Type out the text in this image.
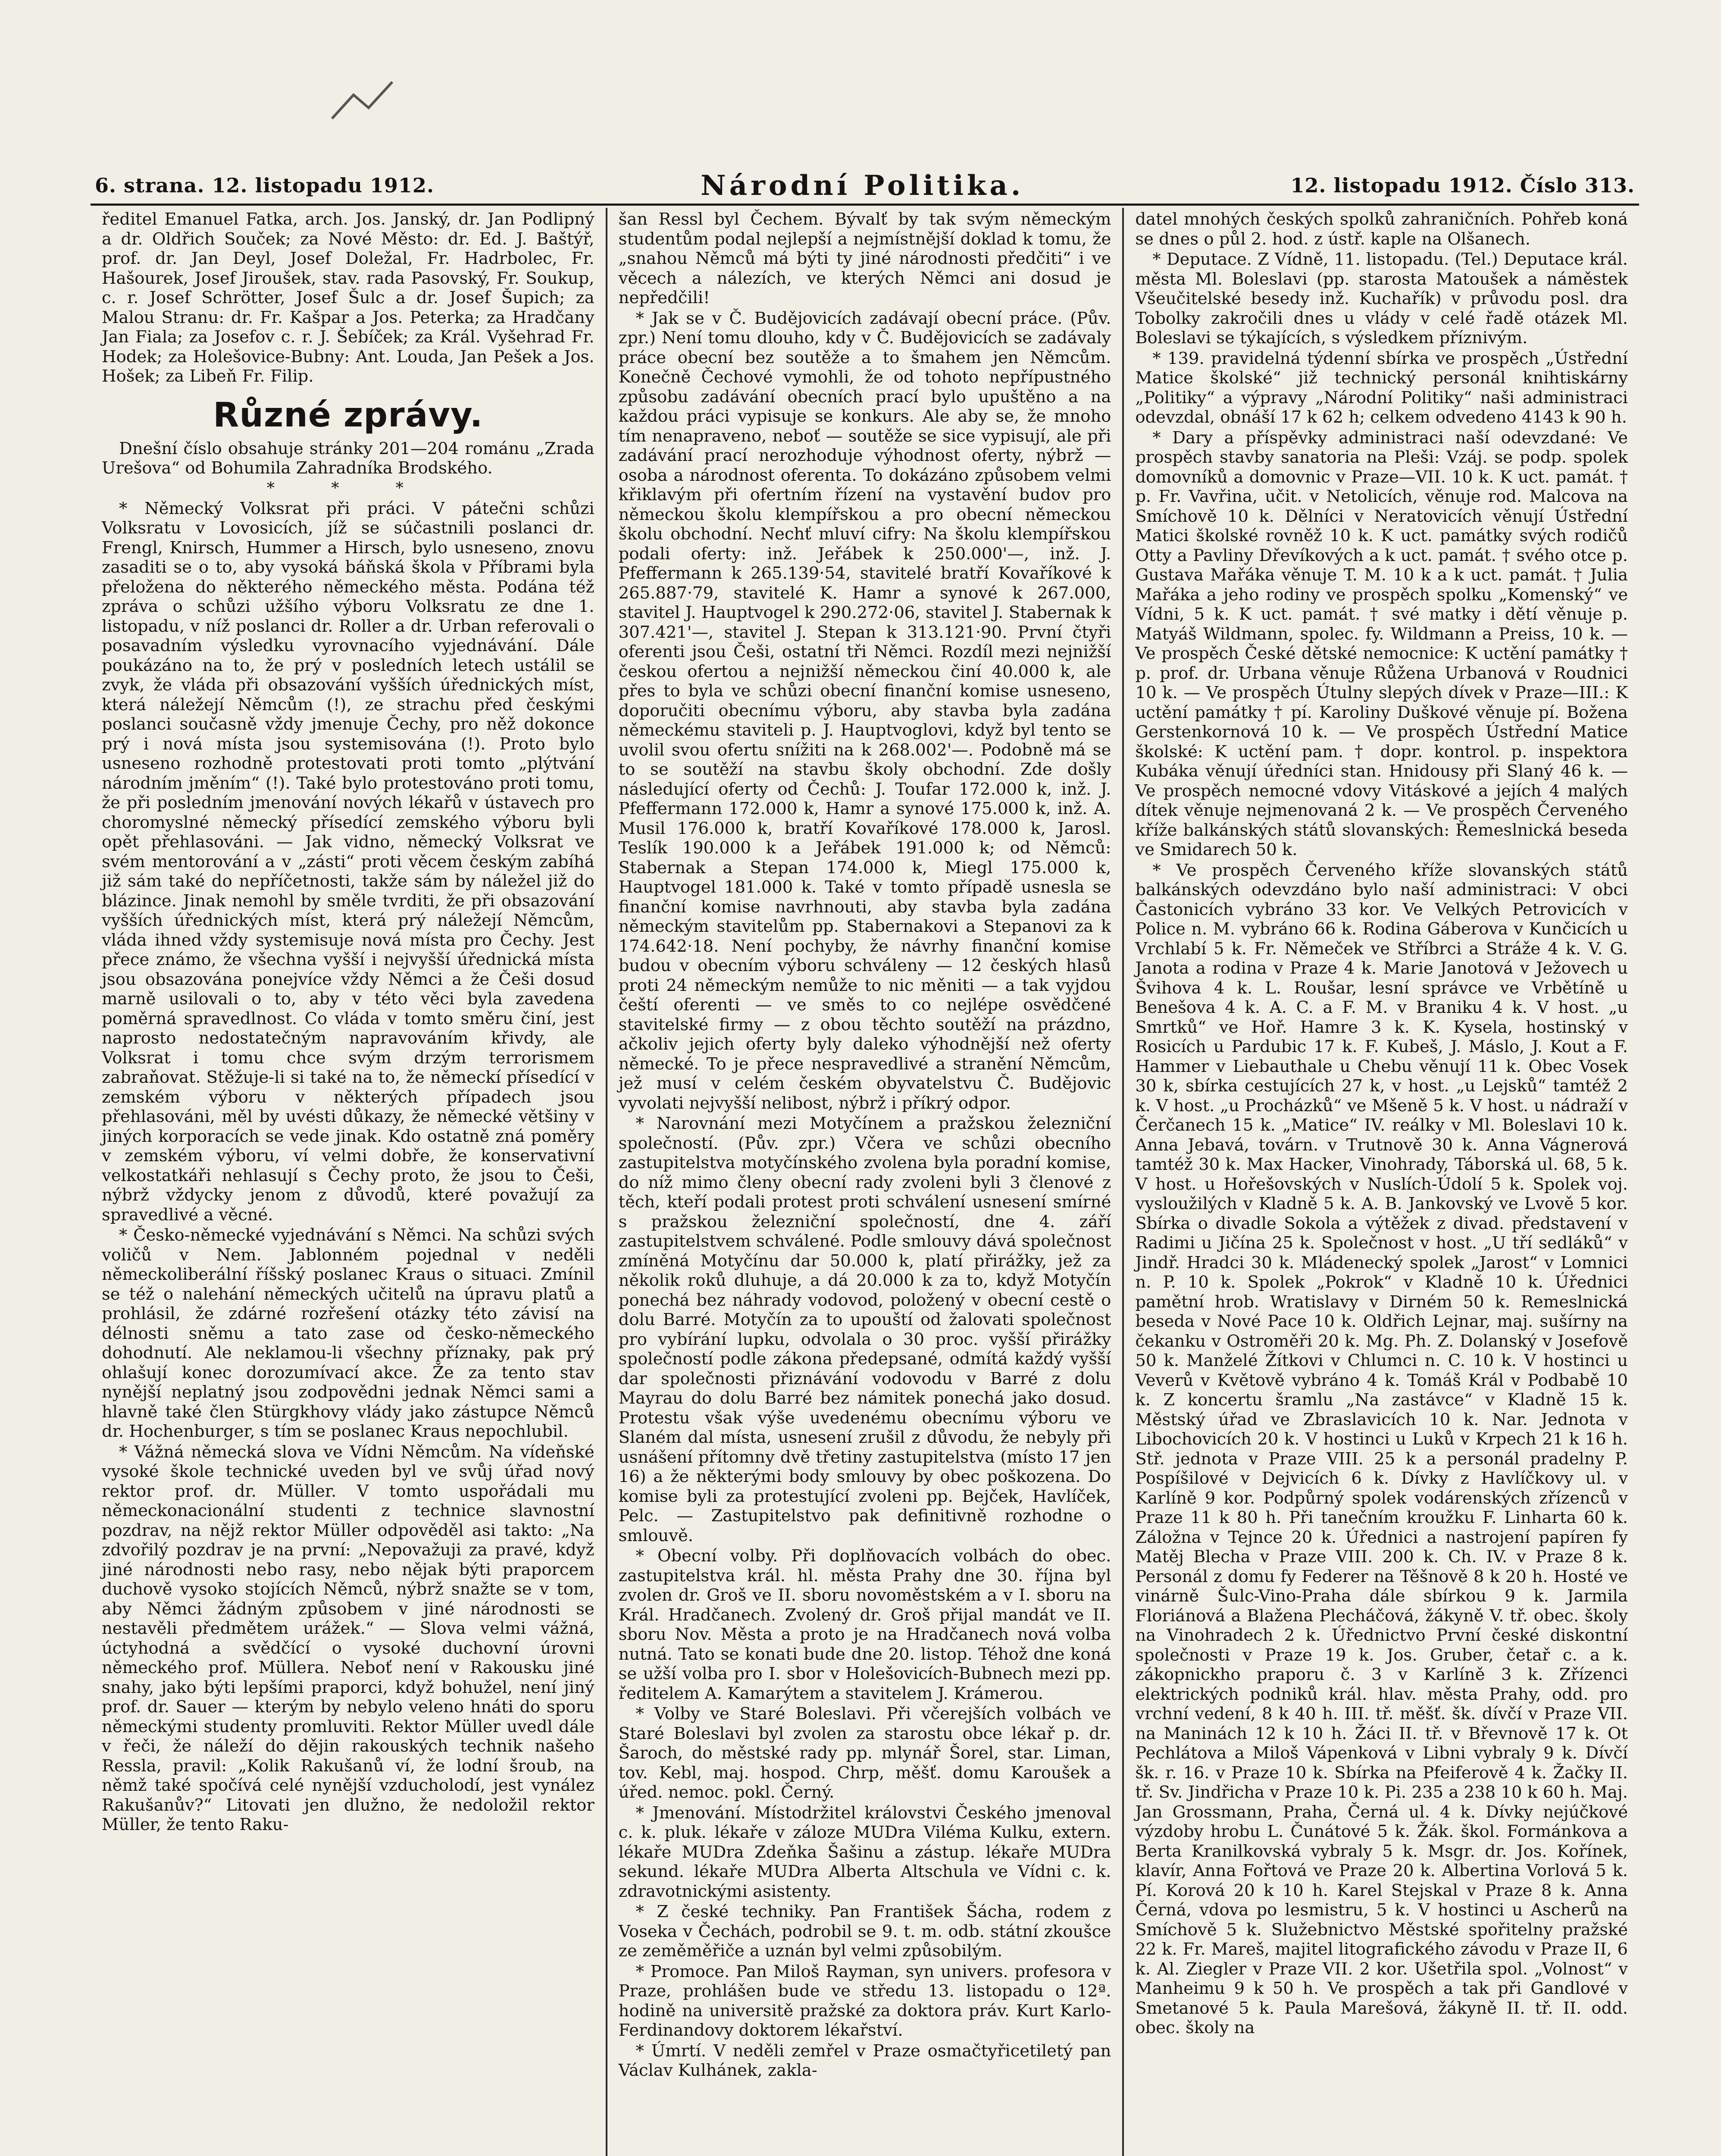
6. strana. 12. listopadu 1912.	Národní Politika.	12. listopadu 1912. Číslo 313.

ředitel Emanuel Fatka, arch. Jos. Janský, dr. Jan Podlipný a dr. Oldřich Souček; za Nové Město: dr. Ed. J. Baštýř, prof. dr. Jan Deyl, Josef Doležal, Fr. Hadrbolec, Fr. Hašourek, Josef Jiroušek, stav. rada Pasovský, Fr. Soukup, c. r. Josef Schrötter, Josef Šulc a dr. Josef Šupich; za Malou Stranu: dr. Fr. Kašpar a Jos. Peterka; za Hradčany Jan Fiala; za Josefov c. r. J. Šebíček; za Král. Vyšehrad Fr. Hodek; za Holešovice-Bubny: Ant. Louda, Jan Pešek a Jos. Hošek; za Libeň Fr. Filip.

Různé zprávy.

Dnešní číslo obsahuje stránky 201—204 románu „Zrada Urešova“ od Bohumila Zahradníka Brodského.

* * *

* Německý Volksrat při práci. V pátečni schůzi Volksratu v Lovosicích, jíž se súčastnili poslanci dr. Frengl, Knirsch, Hummer a Hirsch, bylo usneseno, znovu zasaditi se o to, aby vysoká báňská škola v Příbrami byla přeložena do některého německého města. Podána též zpráva o schůzi užšího výboru Volksratu ze dne 1. listopadu, v níž poslanci dr. Roller a dr. Urban referovali o posavadním výsledku vyrovnacího vyjednávání. Dále poukázáno na to, že prý v posledních letech ustálil se zvyk, že vláda při obsazování vyšších úřednických míst, která náležejí Němcům (!), ze strachu před českými poslanci současně vždy jmenuje Čechy, pro něž dokonce prý i nová místa jsou systemisována (!). Proto bylo usneseno rozhodně protestovati proti tomto „plýtvání národním jměním“ (!). Také bylo protestováno proti tomu, že při posledním jmenování nových lékařů v ústavech pro choromyslné německý přísedící zemského výboru byli opět přehlasováni. — Jak vidno, německý Volksrat ve svém mentorování a v „zásti“ proti věcem českým zabíhá již sám také do nepříčetnosti, takže sám by náležel již do blázince. Jinak nemohl by směle tvrditi, že při obsazování vyšších úřednických míst, která prý náležejí Němcům, vláda ihned vždy systemisuje nová místa pro Čechy. Jest přece známo, že všechna vyšší i nejvyšší úřednická místa jsou obsazována ponejvíce vždy Němci a že Češi dosud marně usilovali o to, aby v této věci byla zavedena poměrná spravedlnost. Co vláda v tomto směru činí, jest naprosto nedostatečným napravováním křivdy, ale Volksrat i tomu chce svým drzým terrorismem zabraňovat. Stěžuje-li si také na to, že německí přísedící v zemském výboru v některých případech jsou přehlasováni, měl by uvésti důkazy, že německé většiny v jiných korporacích se vede jinak. Kdo ostatně zná poměry v zemském výboru, ví velmi dobře, že konservativní velkostatkáři nehlasují s Čechy proto, že jsou to Češi, nýbrž vždycky jenom z důvodů, které považují za spravedlivé a věcné.

* Česko-německé vyjednávání s Němci. Na schůzi svých voličů v Nem. Jablonném pojednal v neděli německoliberální říšský poslanec Kraus o situaci. Zmínil se též o nalehání německých učitelů na úpravu platů a prohlásil, že zdárné rozřešení otázky této závisí na délnosti sněmu a tato zase od česko-německého dohodnutí. Ale neklamou-li všechny příznaky, pak prý ohlašují konec dorozumívací akce. Že za tento stav nynější neplatný jsou zodpovědni jednak Němci sami a hlavně také člen Stürgkhovy vlády jako zástupce Němců dr. Hochenburger, s tím se poslanec Kraus nepochlubil.

* Vážná německá slova ve Vídni Němcům. Na vídeňské vysoké škole technické uveden byl ve svůj úřad nový rektor prof. dr. Müller. V tomto uspořádali mu německonacionální studenti z technice slavnostní pozdrav, na nějž rektor Müller odpověděl asi takto: „Na zdvořilý pozdrav je na první: „Nepovažuji za pravé, když jiné národnosti nebo rasy, nebo nějak býti praporcem duchově vysoko stojících Němců, nýbrž snažte se v tom, aby Němci žádným způsobem v jiné národnosti se nestavěli předmětem urážek.“ — Slova velmi vážná, úctyhodná a svědčící o vysoké duchovní úrovni německého prof. Müllera. Neboť není v Rakousku jiné snahy, jako býti lepšími praporci, když bohužel, není jiný prof. dr. Sauer — kterým by nebylo veleno hnáti do sporu německými studenty promluviti. Rektor Müller uvedl dále v řeči, že náleží do dějin rakouských technik našeho Ressla, pravil: „Kolik Rakušanů ví, že lodní šroub, na němž také spočívá celé nynější vzducholodí, jest vynález Rakušanův?“ Litovati jen dlužno, že nedoložil rektor Müller, že tento Raku-

šan Ressl byl Čechem. Bývalť by tak svým německým studentům podal nejlepší a nejmístnější doklad k tomu, že „snahou Němců má býti ty jiné národnosti předčiti“ i ve věcech a nálezích, ve kterých Němci ani dosud je nepředčili!

* Jak se v Č. Budějovicích zadávají obecní práce. (Pův. zpr.) Není tomu dlouho, kdy v Č. Budějovicích se zadávaly práce obecní bez soutěže a to šmahem jen Němcům. Konečně Čechové vymohli, že od tohoto nepřípustného způsobu zadávání obecních prací bylo upuštěno a na každou práci vypisuje se konkurs. Ale aby se, že mnoho tím nenapraveno, neboť — soutěže se sice vypisují, ale při zadávání prací nerozhoduje výhodnost oferty, nýbrž — osoba a národnost oferenta. To dokázáno způsobem velmi křiklavým při ofertním řízení na vystavění budov pro německou školu klempířskou a pro obecní německou školu obchodní. Nechť mluví cifry: Na školu klempířskou podali oferty: inž. Jeřábek k 250.000'—, inž. J. Pfeffermann k 265.139·54, stavitelé bratří Kovaříkové k 265.887·79, stavitelé K. Hamr a synové k 267.000, stavitel J. Hauptvogel k 290.272·06, stavitel J. Stabernak k 307.421'—, stavitel J. Stepan k 313.121·90. První čtyři oferenti jsou Češi, ostatní tři Němci. Rozdíl mezi nejnižší českou ofertou a nejnižší německou činí 40.000 k, ale přes to byla ve schůzi obecní finanční komise usneseno, doporučiti obecnímu výboru, aby stavba byla zadána německému staviteli p. J. Hauptvoglovi, když byl tento se uvolil svou ofertu snížiti na k 268.002'—. Podobně má se to se soutěží na stavbu školy obchodní. Zde došly následující oferty od Čechů: J. Toufar 172.000 k, inž. J. Pfeffermann 172.000 k, Hamr a synové 175.000 k, inž. A. Musil 176.000 k, bratří Kovaříkové 178.000 k, Jarosl. Teslík 190.000 k a Jeřábek 191.000 k; od Němců: Stabernak a Stepan 174.000 k, Miegl 175.000 k, Hauptvogel 181.000 k. Také v tomto případě usnesla se finanční komise navrhnouti, aby stavba byla zadána německým stavitelům pp. Stabernakovi a Stepanovi za k 174.642·18. Není pochyby, že návrhy finanční komise budou v obecním výboru schváleny — 12 českých hlasů proti 24 německým nemůže to nic měniti — a tak vyjdou čeští oferenti — ve směs to co nejlépe osvědčené stavitelské firmy — z obou těchto soutěží na prázdno, ačkoliv jejich oferty byly daleko výhodnější než oferty německé. To je přece nespravedlivé a stranění Němcům, jež musí v celém českém obyvatelstvu Č. Budějovic vyvolati nejvyšší nelibost, nýbrž i příkrý odpor.

* Narovnání mezi Motyčínem a pražskou železniční společností. (Pův. zpr.) Včera ve schůzi obecního zastupitelstva motyčínského zvolena byla poradní komise, do níž mimo členy obecní rady zvoleni byli 3 členové z těch, kteří podali protest proti schválení usnesení smírné s pražskou železniční společností, dne 4. září zastupitelstvem schválené. Podle smlouvy dává společnost zmíněná Motyčínu dar 50.000 k, platí přirážky, jež za několik roků dluhuje, a dá 20.000 k za to, když Motyčín ponechá bez náhrady vodovod, položený v obecní cestě o dolu Barré. Motyčín za to upouští od žalovati společnost pro vybírání lupku, odvolala o 30 proc. vyšší přirážky společností podle zákona předepsané, odmítá každý vyšší dar společnosti přiznávání vodovodu v Barré z dolu Mayrau do dolu Barré bez námitek ponechá jako dosud. Protestu však výše uvedenému obecnímu výboru ve Slaném dal místa, usnesení zrušil z důvodu, že nebyly při usnášení přítomny dvě třetiny zastupitelstva (místo 17 jen 16) a že některými body smlouvy by obec poškozena. Do komise byli za protestující zvoleni pp. Bejček, Havlíček, Pelc. — Zastupitelstvo pak definitivně rozhodne o smlouvě.

* Obecní volby. Při doplňovacích volbách do obec. zastupitelstva král. hl. města Prahy dne 30. října byl zvolen dr. Groš ve II. sboru novoměstském a v I. sboru na Král. Hradčanech. Zvolený dr. Groš přijal mandát ve II. sboru Nov. Města a proto je na Hradčanech nová volba nutná. Tato se konati bude dne 20. listop. Téhož dne koná se užší volba pro I. sbor v Holešovicích-Bubnech mezi pp. ředitelem A. Kamarýtem a stavitelem J. Krámerou.

* Volby ve Staré Boleslavi. Při včerejších volbách ve Staré Boleslavi byl zvolen za starostu obce lékař p. dr. Šaroch, do městské rady pp. mlynář Šorel, star. Liman, tov. Kebl, maj. hospod. Chrp, měšť. domu Karoušek a úřed. nemoc. pokl. Černý.

* Jmenování. Místodržitel královstvi Českého jmenoval c. k. pluk. lékaře v záloze MUDra Viléma Kulku, extern. lékaře MUDra Zdeňka Šašinu a zástup. lékaře MUDra sekund. lékaře MUDra Alberta Altschula ve Vídni c. k. zdravotnickými asistenty.

* Z české techniky. Pan František Šácha, rodem z Voseka v Čechách, podrobil se 9. t. m. odb. státní zkoušce ze zeměměřiče a uznán byl velmi způsobilým.

* Promoce. Pan Miloš Rayman, syn univers. profesora v Praze, prohlášen bude ve středu 13. listopadu o 12ª. hodině na universitě pražské za doktora práv. Kurt Karlo-Ferdinandovy doktorem lékařství.

* Úmrtí. V neděli zemřel v Praze osmačtyřicetiletý pan Václav Kulhánek, zakla-

datel mnohých českých spolků zahraničních. Pohřeb koná se dnes o půl 2. hod. z ústř. kaple na Olšanech.

* Deputace. Z Vídně, 11. listopadu. (Tel.) Deputace král. města Ml. Boleslavi (pp. starosta Matoušek a náměstek Všeučitelské besedy inž. Kuchařík) v průvodu posl. dra Tobolky zakročili dnes u vlády v celé řadě otázek Ml. Boleslavi se týkajících, s výsledkem příznivým.

* 139. pravidelná týdenní sbírka ve prospěch „Ústřední Matice školské“ již technický personál knihtiskárny „Politiky“ a výpravy „Národní Politiky“ naši administraci odevzdal, obnáší 17 k 62 h; celkem odvedeno 4143 k 90 h.

* Dary a příspěvky administraci naší odevzdané: Ve prospěch stavby sanatoria na Pleši: Vzáj. se podp. spolek domovníků a domovnic v Praze—VII. 10 k. K uct. památ. † p. Fr. Vavřina, učit. v Netolicích, věnuje rod. Malcova na Smíchově 10 k. Dělníci v Neratovicích věnují Ústřední Matici školské rovněž 10 k. K uct. památky svých rodičů Otty a Pavliny Dřevíkových a k uct. památ. † svého otce p. Gustava Mařáka věnuje T. M. 10 k a k uct. památ. † Julia Mařáka a jeho rodiny ve prospěch spolku „Komenský“ ve Vídni, 5 k. K uct. památ. † své matky i dětí věnuje p. Matyáš Wildmann, spolec. fy. Wildmann a Preiss, 10 k. — Ve prospěch České dětské nemocnice: K uctění památky † p. prof. dr. Urbana věnuje Růžena Urbanová v Roudnici 10 k. — Ve prospěch Útulny slepých dívek v Praze—III.: K uctění památky † pí. Karoliny Duškové věnuje pí. Božena Gerstenkornová 10 k. — Ve prospěch Ústřední Matice školské: K uctění pam. † dopr. kontrol. p. inspektora Kubáka věnují úředníci stan. Hnidousy při Slaný 46 k. — Ve prospěch nemocné vdovy Vitáskové a jejích 4 malých dítek věnuje nejmenovaná 2 k. — Ve prospěch Červeného kříže balkánských států slovanských: Řemeslnická beseda ve Smidarech 50 k.

* Ve prospěch Červeného kříže slovanských států balkánských odevzdáno bylo naší administraci: V obci Častonicích vybráno 33 kor. Ve Velkých Petrovicích v Police n. M. vybráno 66 k. Rodina Gáberova v Kunčicích u Vrchlabí 5 k. Fr. Němeček ve Stříbrci a Stráže 4 k. V. G. Janota a rodina v Praze 4 k. Marie Janotová v Ježovech u Švihova 4 k. L. Roušar, lesní správce ve Vrbětíně u Benešova 4 k. A. C. a F. M. v Braniku 4 k. V host. „u Smrtků“ ve Hoř. Hamre 3 k. K. Kysela, hostinský v Rosicích u Pardubic 17 k. F. Kubeš, J. Máslo, J. Kout a F. Hammer v Liebauthale u Chebu věnují 11 k. Obec Vosek 30 k, sbírka cestujících 27 k, v host. „u Lejsků“ tamtéž 2 k. V host. „u Procházků“ ve Mšeně 5 k. V host. u nádraží v Čerčanech 15 k. „Matice“ IV. reálky v Ml. Boleslavi 10 k. Anna Jebavá, továrn. v Trutnově 30 k. Anna Vágnerová tamtéž 30 k. Max Hacker, Vinohrady, Táborská ul. 68, 5 k. V host. u Hořešovských v Nuslích-Údolí 5 k. Spolek voj. vysloužilých v Kladně 5 k. A. B. Jankovský ve Lvově 5 kor. Sbírka o divadle Sokola a výtěžek z divad. představení v Radimi u Jičína 25 k. Společnost v host. „U tří sedláků“ v Jindř. Hradci 30 k. Mládenecký spolek „Jarost“ v Lomnici n. P. 10 k. Spolek „Pokrok“ v Kladně 10 k. Úřednici pamětní hrob. Wratislavy v Dirném 50 k. Remeslnická beseda v Nové Pace 10 k. Oldřich Lejnar, maj. sušírny na čekanku v Ostroměři 20 k. Mg. Ph. Z. Dolanský v Josefově 50 k. Manželé Žítkovi v Chlumci n. C. 10 k. V hostinci u Veverů v Květově vybráno 4 k. Tomáš Král v Podbabě 10 k. Z koncertu šramlu „Na zastávce“ v Kladně 15 k. Městský úřad ve Zbraslavicích 10 k. Nar. Jednota v Libochovicích 20 k. V hostinci u Luků v Krpech 21 k 16 h. Stř. jednota v Praze VIII. 25 k a personál pradelny P. Pospíšilové v Dejvicích 6 k. Dívky z Havlíčkovy ul. v Karlíně 9 kor. Podpůrný spolek vodárenských zřízenců v Praze 11 k 80 h. Při tanečním kroužku F. Linharta 60 k. Záložna v Tejnce 20 k. Úřednici a nastrojení papíren fy Matěj Blecha v Praze VIII. 200 k. Ch. IV. v Praze 8 k. Personál z domu fy Federer na Těšnově 8 k 20 h. Hosté ve vinárně Šulc-Vino-Praha dále sbírkou 9 k. Jarmila Floriánová a Blažena Plecháčová, žákyně V. tř. obec. školy na Vinohradech 2 k. Úřednictvo První české diskontní společnosti v Praze 19 k. Jos. Gruber, četař c. a k. zákopnickho praporu č. 3 v Karlíně 3 k. Zřízenci elektrických podniků král. hlav. města Prahy, odd. pro vrchní vedení, 8 k 40 h. III. tř. měšť. šk. dívčí v Praze VII. na Maninách 12 k 10 h. Žáci II. tř. v Břevnově 17 k. Ot Pechlátova a Miloš Vápenková v Libni vybraly 9 k. Dívčí šk. r. 16. v Praze 10 k. Sbírka na Pfeiferově 4 k. Žačky II. tř. Sv. Jindřicha v Praze 10 k. Pi. 235 a 238 10 k 60 h. Maj. Jan Grossmann, Praha, Černá ul. 4 k. Dívky nejúčkové výzdoby hrobu L. Čunátové 5 k. Žák. škol. Formánkova a Berta Kranilkovská vybraly 5 k. Msgr. dr. Jos. Kořínek, klavír, Anna Fořtová ve Praze 20 k. Albertina Vorlová 5 k. Pí. Korová 20 k 10 h. Karel Stejskal v Praze 8 k. Anna Černá, vdova po lesmistru, 5 k. V hostinci u Ascherů na Smíchově 5 k. Služebnictvo Městské spořitelny pražské 22 k. Fr. Mareš, majitel litografického závodu v Praze II, 6 k. Al. Ziegler v Praze VII. 2 kor. Ušetřila spol. „Volnost“ v Manheimu 9 k 50 h. Ve prospěch a tak při Gandlové v Smetanové 5 k. Paula Marešová, žákyně II. tř. II. odd. obec. školy na
